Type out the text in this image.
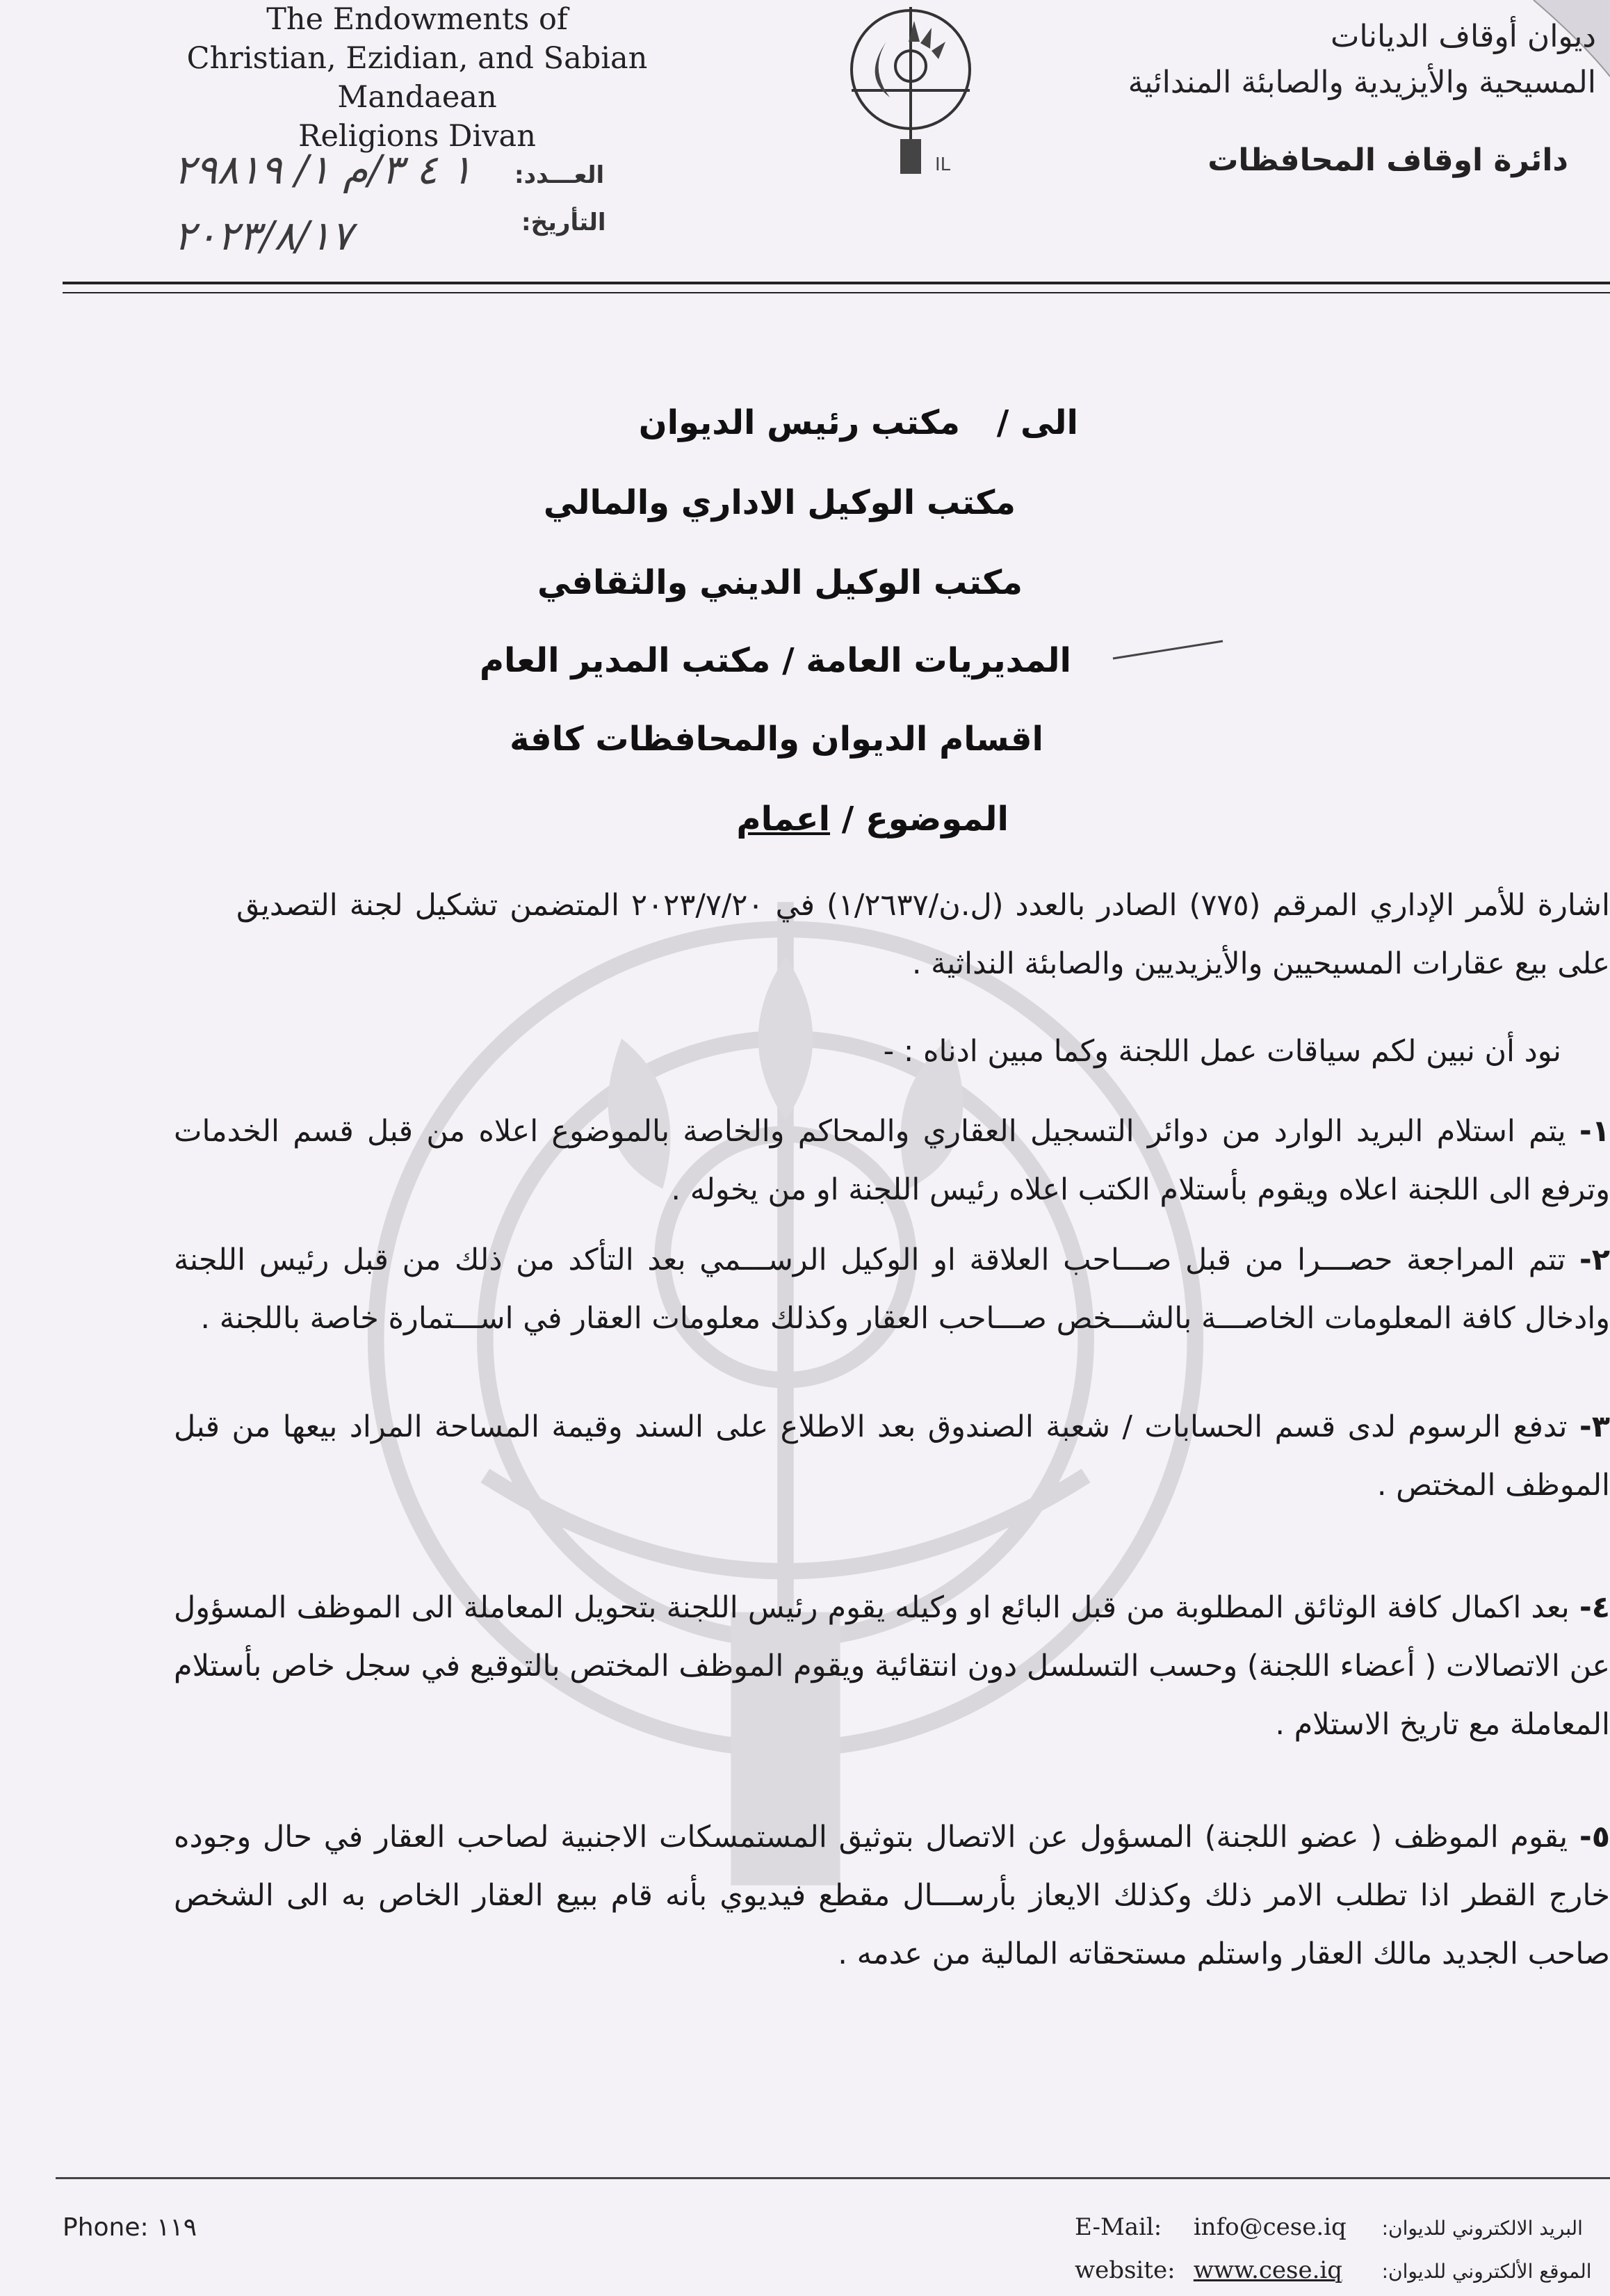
The Endowments of
Christian, Ezidian, and Sabian Mandaean
Religions Divan
IL
ديوان أوقاف الديانات
المسيحية والأيزيدية والصابئة المندائية
دائرة اوقاف المحافظات
١ ٤ ٣/م ١/ ٢٩٨١٩ العـــدد:
٢٠٢٣/٨/١٧	التأريخ:
الى /
مكتب رئيس الديوان
مكتب الوكيل الاداري والمالي
مكتب الوكيل الديني والثقافي
المديريات العامة / مكتب المدير العام
اقسام الديوان والمحافظات كافة
الموضوع / اعمام
اشارة للأمر الإداري المرقم (٧٧٥) الصادر بالعدد (ل.ن/١/٢٦٣٧) في ٢٠٢٣/٧/٢٠ المتضمن تشكيل لجنة التصديق على بيع عقارات المسيحيين والأيزيديين والصابئة النداثية .
نود أن نبين لكم سياقات عمل اللجنة وكما مبين ادناه : -
١- يتم استلام البريد الوارد من دوائر التسجيل العقاري والمحاكم والخاصة بالموضوع اعلاه من قبل قسم الخدمات وترفع الى اللجنة اعلاه ويقوم بأستلام الكتب اعلاه رئيس اللجنة او من يخوله .
٢- تتم المراجعة حصـــرا من قبل صـــاحب العلاقة او الوكيل الرســـمي بعد التأكد من ذلك من قبل رئيس اللجنة وادخال كافة المعلومات الخاصـــة بالشـــخص صـــاحب العقار وكذلك معلومات العقار في اســـتمارة خاصة باللجنة .
٣- تدفع الرسوم لدى قسم الحسابات / شعبة الصندوق بعد الاطلاع على السند وقيمة المساحة المراد بيعها من قبل الموظف المختص .
٤- بعد اكمال كافة الوثائق المطلوبة من قبل البائع او وكيله يقوم رئيس اللجنة بتحويل المعاملة الى الموظف المسؤول عن الاتصالات ( أعضاء اللجنة) وحسب التسلسل دون انتقائية ويقوم الموظف المختص بالتوقيع في سجل خاص بأستلام المعاملة مع تاريخ الاستلام .
٥- يقوم الموظف ( عضو اللجنة) المسؤول عن الاتصال بتوثيق المستمسكات الاجنبية لصاحب العقار في حال وجوده خارج القطر اذا تطلب الامر ذلك وكذلك الايعاز بأرســـال مقطع فيديوي بأنه قام ببيع العقار الخاص به الى الشخص صاحب الجديد مالك العقار واستلم مستحقاته المالية من عدمه .
Phone: ١١٩	E-Mail: info@cese.iq البريد الالكتروني للديوان:
website: www.cese.iq الموقع الألكتروني للديوان:
